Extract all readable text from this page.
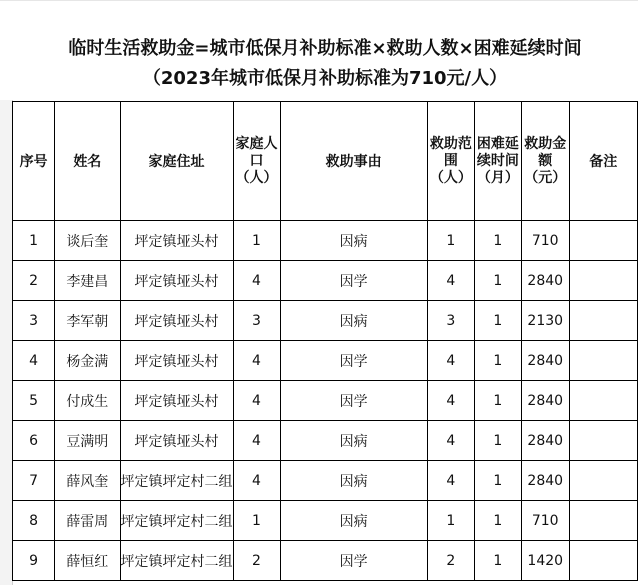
临时生活救助金=城市低保月补助标准×救助人数×困难延续时间
（2023年城市低保月补助标准为710元/人）
序号	姓名	家庭住址	家庭人口（人）	救助事由	救助范围（人）	困难延续时间（月）	救助金额（元）	备注
1	谈后奎	坪定镇垭头村	1	因病	1	1	710	
2	李建昌	坪定镇垭头村	4	因学	4	1	2840	
3	李军朝	坪定镇垭头村	3	因病	3	1	2130	
4	杨金满	坪定镇垭头村	4	因学	4	1	2840	
5	付成生	坪定镇垭头村	4	因学	4	1	2840	
6	豆满明	坪定镇垭头村	4	因病	4	1	2840	
7	薛风奎	坪定镇坪定村二组	4	因病	4	1	2840	
8	薛雷周	坪定镇坪定村二组	1	因病	1	1	710	
9	薛恒红	坪定镇坪定村二组	2	因学	2	1	1420	
